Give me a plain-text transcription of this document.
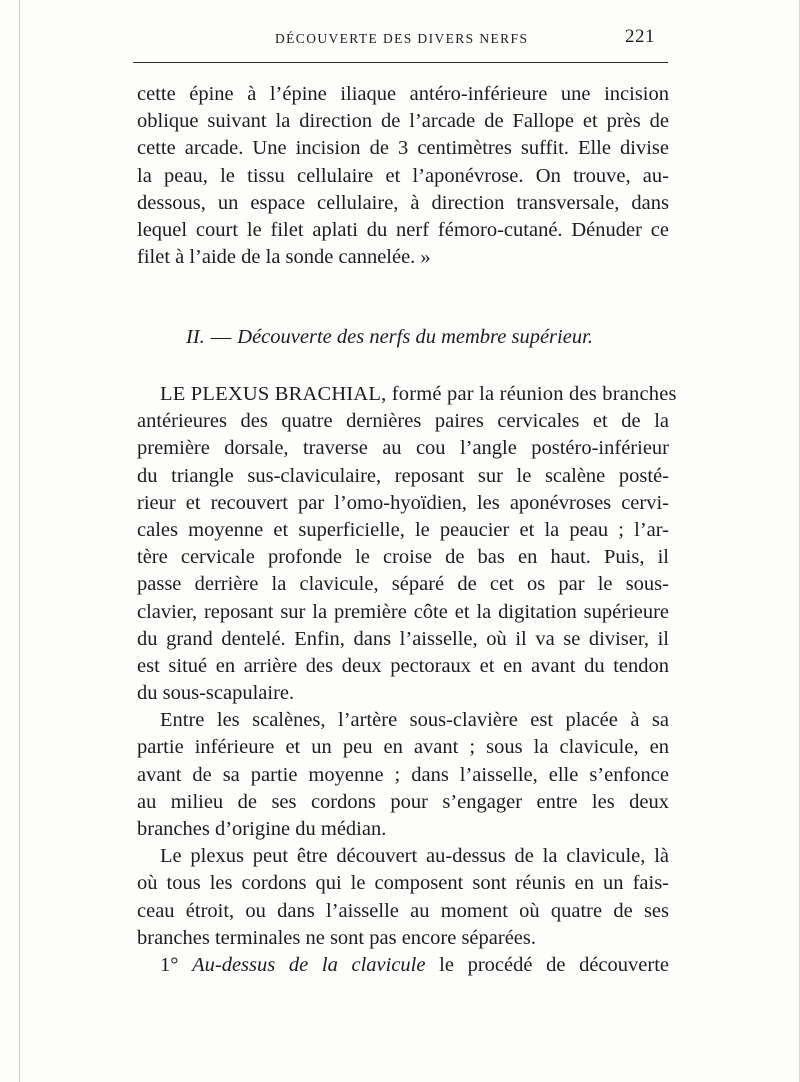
DÉCOUVERTE DES DIVERS NERFS	221
cette épine à l’épine iliaque antéro-inférieure une incision
oblique suivant la direction de l’arcade de Fallope et près de
cette arcade. Une incision de 3 centimètres suffit. Elle divise
la peau, le tissu cellulaire et l’aponévrose. On trouve, au-
dessous, un espace cellulaire, à direction transversale, dans
lequel court le filet aplati du nerf fémoro-cutané. Dénuder ce
filet à l’aide de la sonde cannelée. »
II. — Découverte des nerfs du membre supérieur.
LE PLEXUS BRACHIAL, formé par la réunion des branches
antérieures des quatre dernières paires cervicales et de la
première dorsale, traverse au cou l’angle postéro-inférieur
du triangle sus-claviculaire, reposant sur le scalène posté-
rieur et recouvert par l’omo-hyoïdien, les aponévroses cervi-
cales moyenne et superficielle, le peaucier et la peau ; l’ar-
tère cervicale profonde le croise de bas en haut. Puis, il
passe derrière la clavicule, séparé de cet os par le sous-
clavier, reposant sur la première côte et la digitation supérieure
du grand dentelé. Enfin, dans l’aisselle, où il va se diviser, il
est situé en arrière des deux pectoraux et en avant du tendon
du sous-scapulaire.
Entre les scalènes, l’artère sous-clavière est placée à sa
partie inférieure et un peu en avant ; sous la clavicule, en
avant de sa partie moyenne ; dans l’aisselle, elle s’enfonce
au milieu de ses cordons pour s’engager entre les deux
branches d’origine du médian.
Le plexus peut être découvert au-dessus de la clavicule, là
où tous les cordons qui le composent sont réunis en un fais-
ceau étroit, ou dans l’aisselle au moment où quatre de ses
branches terminales ne sont pas encore séparées.
1° Au-dessus de la clavicule le procédé de découverte
